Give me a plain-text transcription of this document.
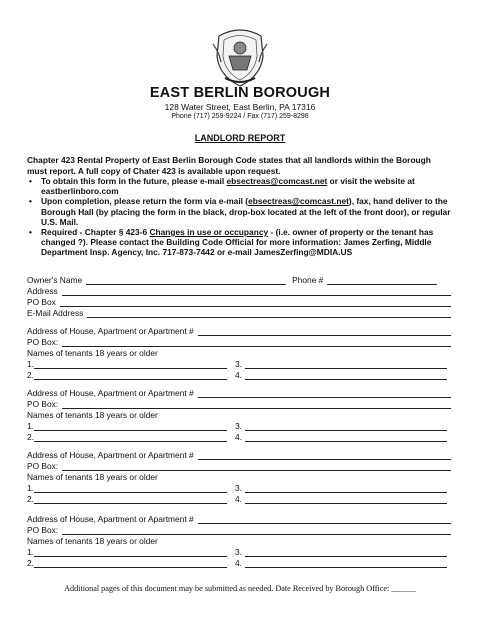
EAST BERLIN BOROUGH
128 Water Street, East Berlin, PA 17316
Phone (717) 259-9224 / Fax (717) 259-8298
LANDLORD REPORT
Chapter 423 Rental Property of East Berlin Borough Code states that all landlords within the Borough must report. A full copy of Chater 423 is available upon request.
• To obtain this form in the future, please e-mail ebsectreas@comcast.net or visit the website at eastberlinboro.com
• Upon completion, please return the form via e-mail (ebsectreas@comcast.net), fax, hand deliver to the Borough Hall (by placing the form in the black, drop-box located at the left of the front door), or regular U.S. Mail.
• Required - Chapter § 423-6 Changes in use or occupancy - (i.e. owner of property or the tenant has changed ?). Please contact the Building Code Official for more information: James Zerfing, Middle Department Insp. Agency, Inc. 717-873-7442 or e-mail JamesZerfing@MDIA.US
Owner's Name	Phone #
Address
PO Box
E-Mail Address
Address of House, Apartment or Apartment #
PO Box:
Names of tenants 18 years or older
1.	3.
2.	4.
Address of House, Apartment or Apartment #
PO Box:
Names of tenants 18 years or older
1.	3.
2.	4.
Address of House, Apartment or Apartment #
PO Box:
Names of tenants 18 years or older
1.	3.
2.	4.
Address of House, Apartment or Apartment #
PO Box:
Names of tenants 18 years or older
1.	3.
2.	4.
Additional pages of this document may be submitted as needed. Date Received by Borough Office: ______
